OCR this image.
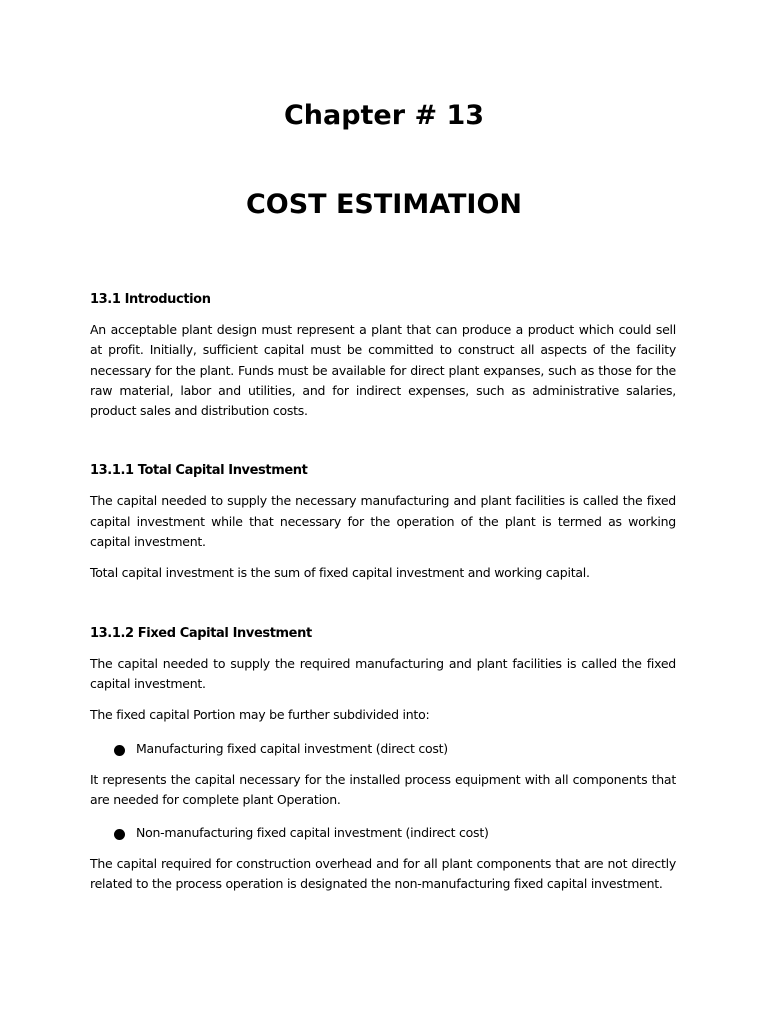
Chapter # 13
COST ESTIMATION

13.1 Introduction

An acceptable plant design must represent a plant that can produce a product which could sell at profit. Initially, sufficient capital must be committed to construct all aspects of the facility necessary for the plant. Funds must be available for direct plant expanses, such as those for the raw material, labor and utilities, and for indirect expenses, such as administrative salaries, product sales and distribution costs.

13.1.1 Total Capital Investment

The capital needed to supply the necessary manufacturing and plant facilities is called the fixed capital investment while that necessary for the operation of the plant is termed as working capital investment.

Total capital investment is the sum of fixed capital investment and working capital.

13.1.2 Fixed Capital Investment

The capital needed to supply the required manufacturing and plant facilities is called the fixed capital investment.

The fixed capital Portion may be further subdivided into:

Manufacturing fixed capital investment (direct cost)

It represents the capital necessary for the installed process equipment with all components that are needed for complete plant Operation.

Non-manufacturing fixed capital investment (indirect cost)

The capital required for construction overhead and for all plant components that are not directly related to the process operation is designated the non-manufacturing fixed capital investment.
